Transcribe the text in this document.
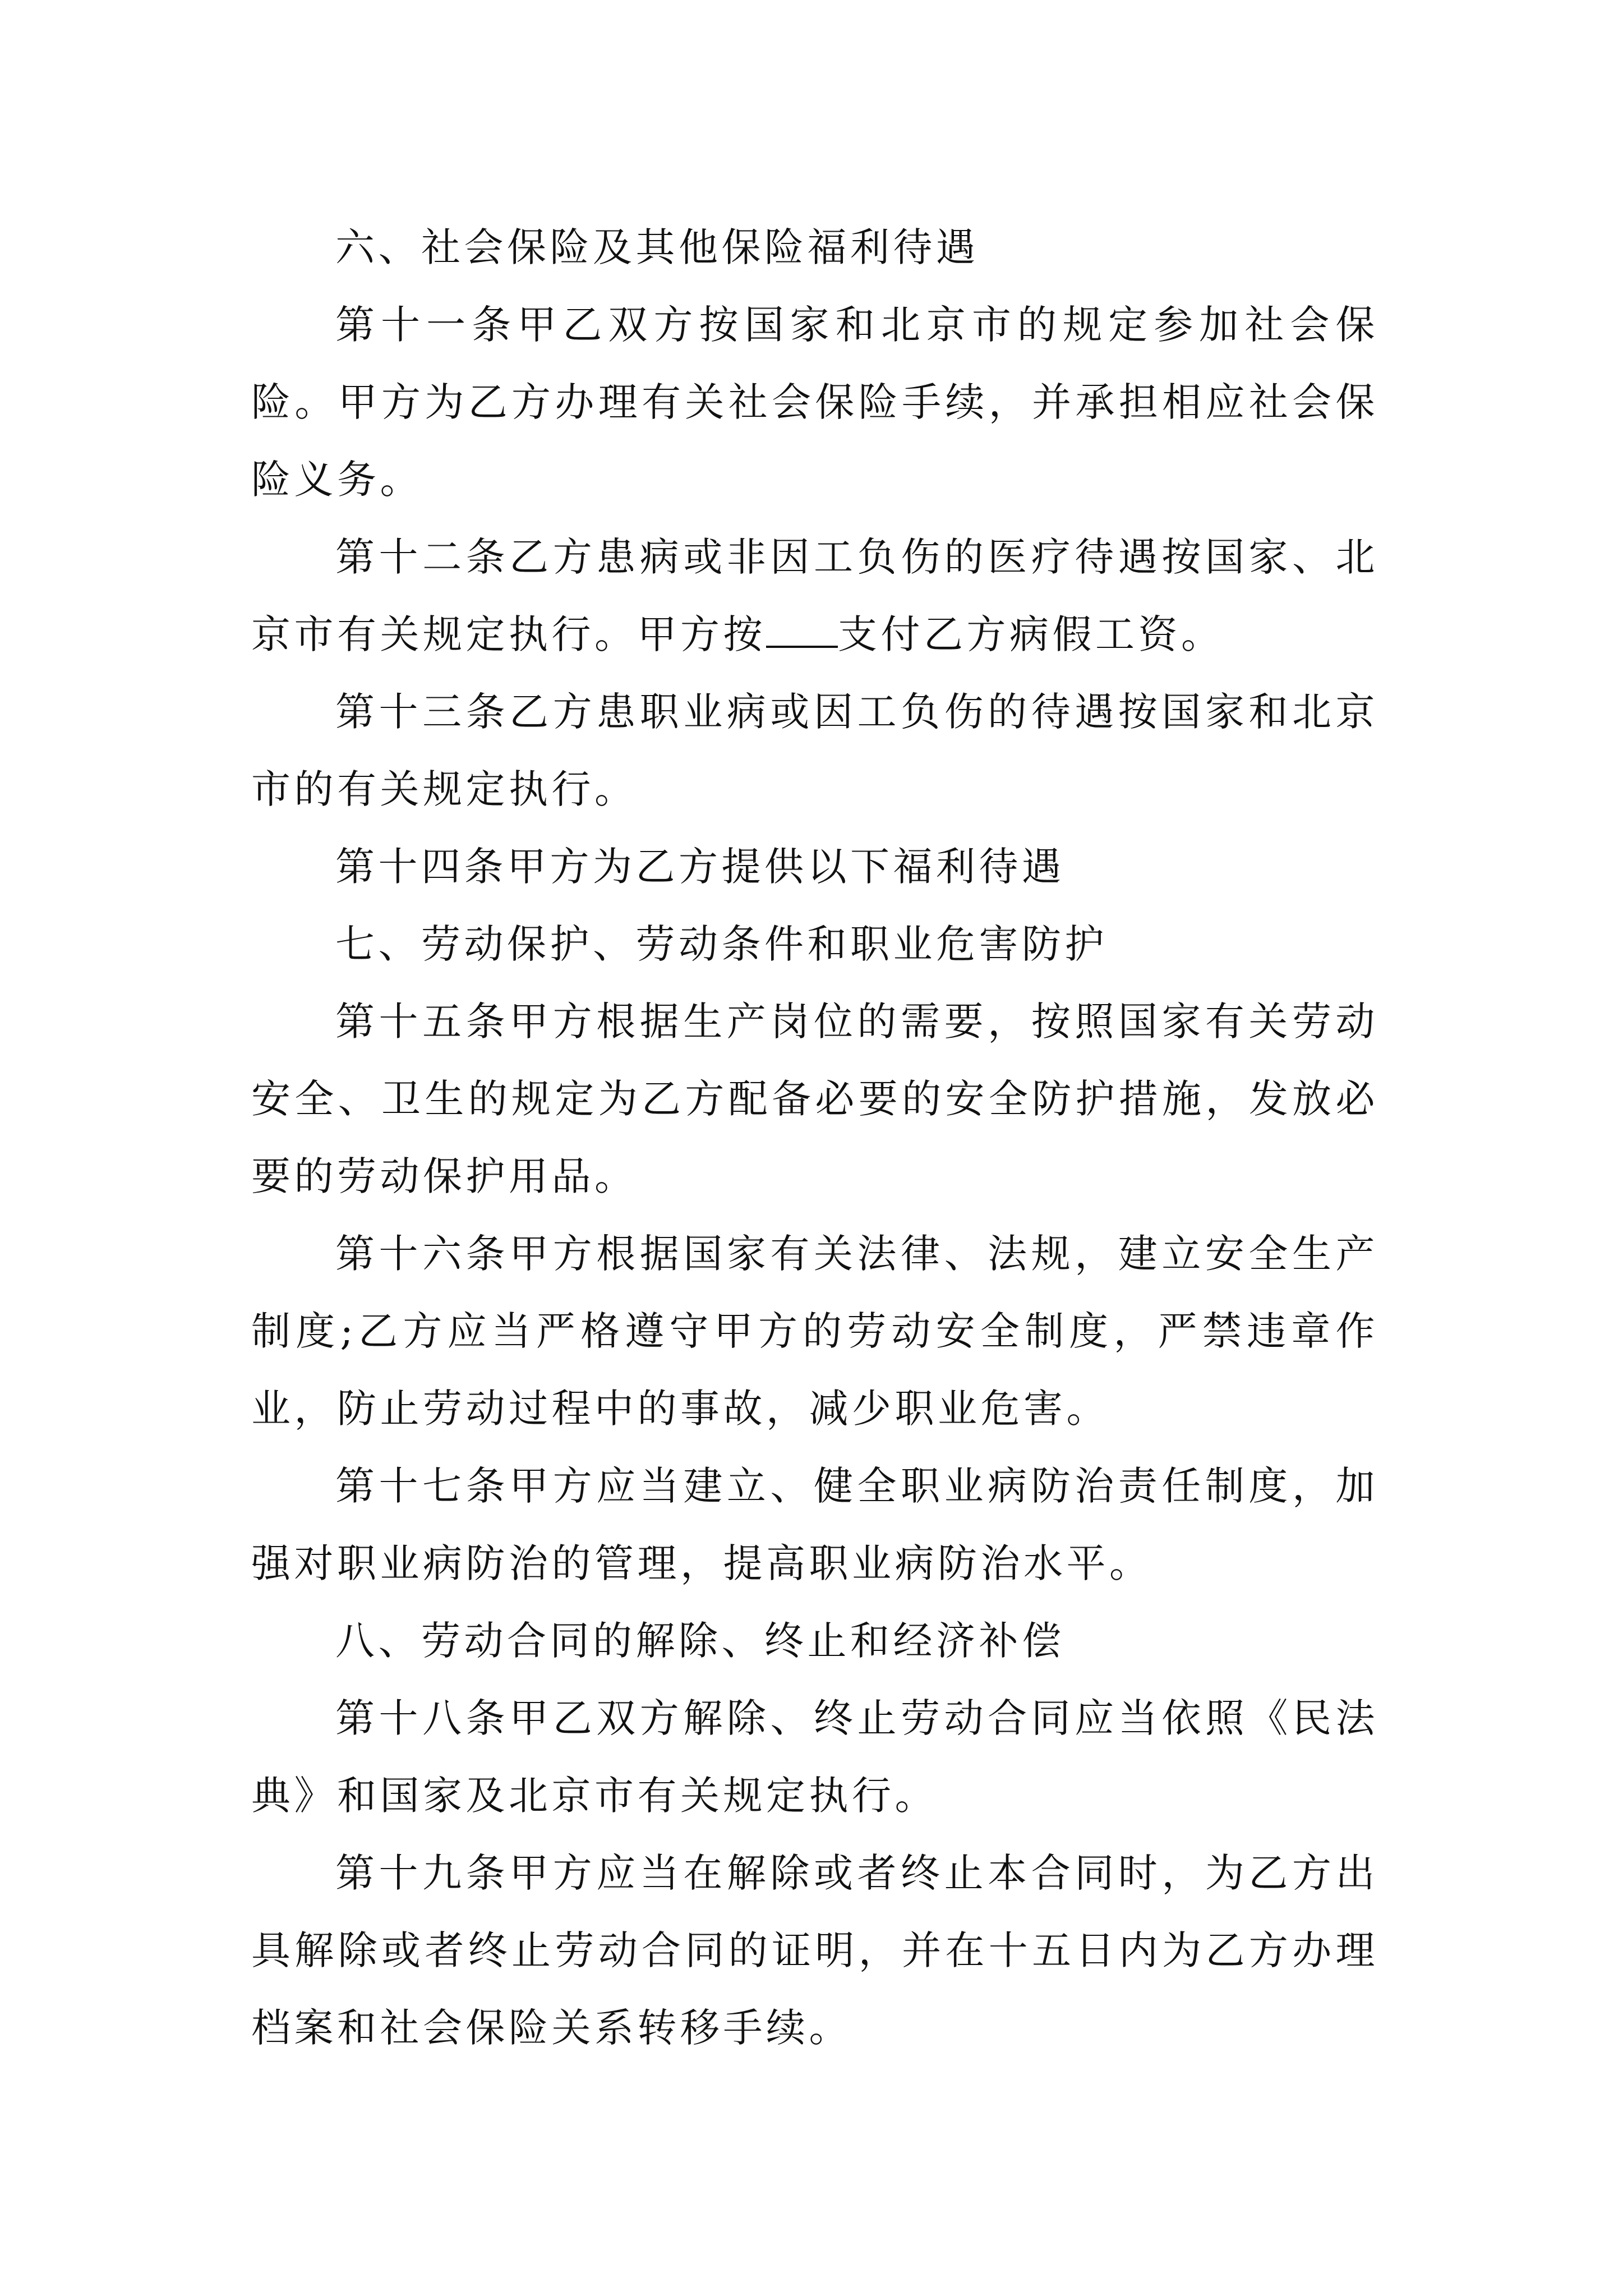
六、社会保险及其他保险福利待遇

第十一条甲乙双方按国家和北京市的规定参加社会保险。甲方为乙方办理有关社会保险手续，并承担相应社会保险义务。

第十二条乙方患病或非因工负伤的医疗待遇按国家、北京市有关规定执行。甲方按 支付乙方病假工资。

第十三条乙方患职业病或因工负伤的待遇按国家和北京市的有关规定执行。

第十四条甲方为乙方提供以下福利待遇

七、劳动保护、劳动条件和职业危害防护

第十五条甲方根据生产岗位的需要，按照国家有关劳动安全、卫生的规定为乙方配备必要的安全防护措施，发放必要的劳动保护用品。

第十六条甲方根据国家有关法律、法规，建立安全生产制度;乙方应当严格遵守甲方的劳动安全制度，严禁违章作业，防止劳动过程中的事故，减少职业危害。

第十七条甲方应当建立、健全职业病防治责任制度，加强对职业病防治的管理，提高职业病防治水平。

八、劳动合同的解除、终止和经济补偿

第十八条甲乙双方解除、终止劳动合同应当依照《民法典》和国家及北京市有关规定执行。

第十九条甲方应当在解除或者终止本合同时，为乙方出具解除或者终止劳动合同的证明，并在十五日内为乙方办理档案和社会保险关系转移手续。
